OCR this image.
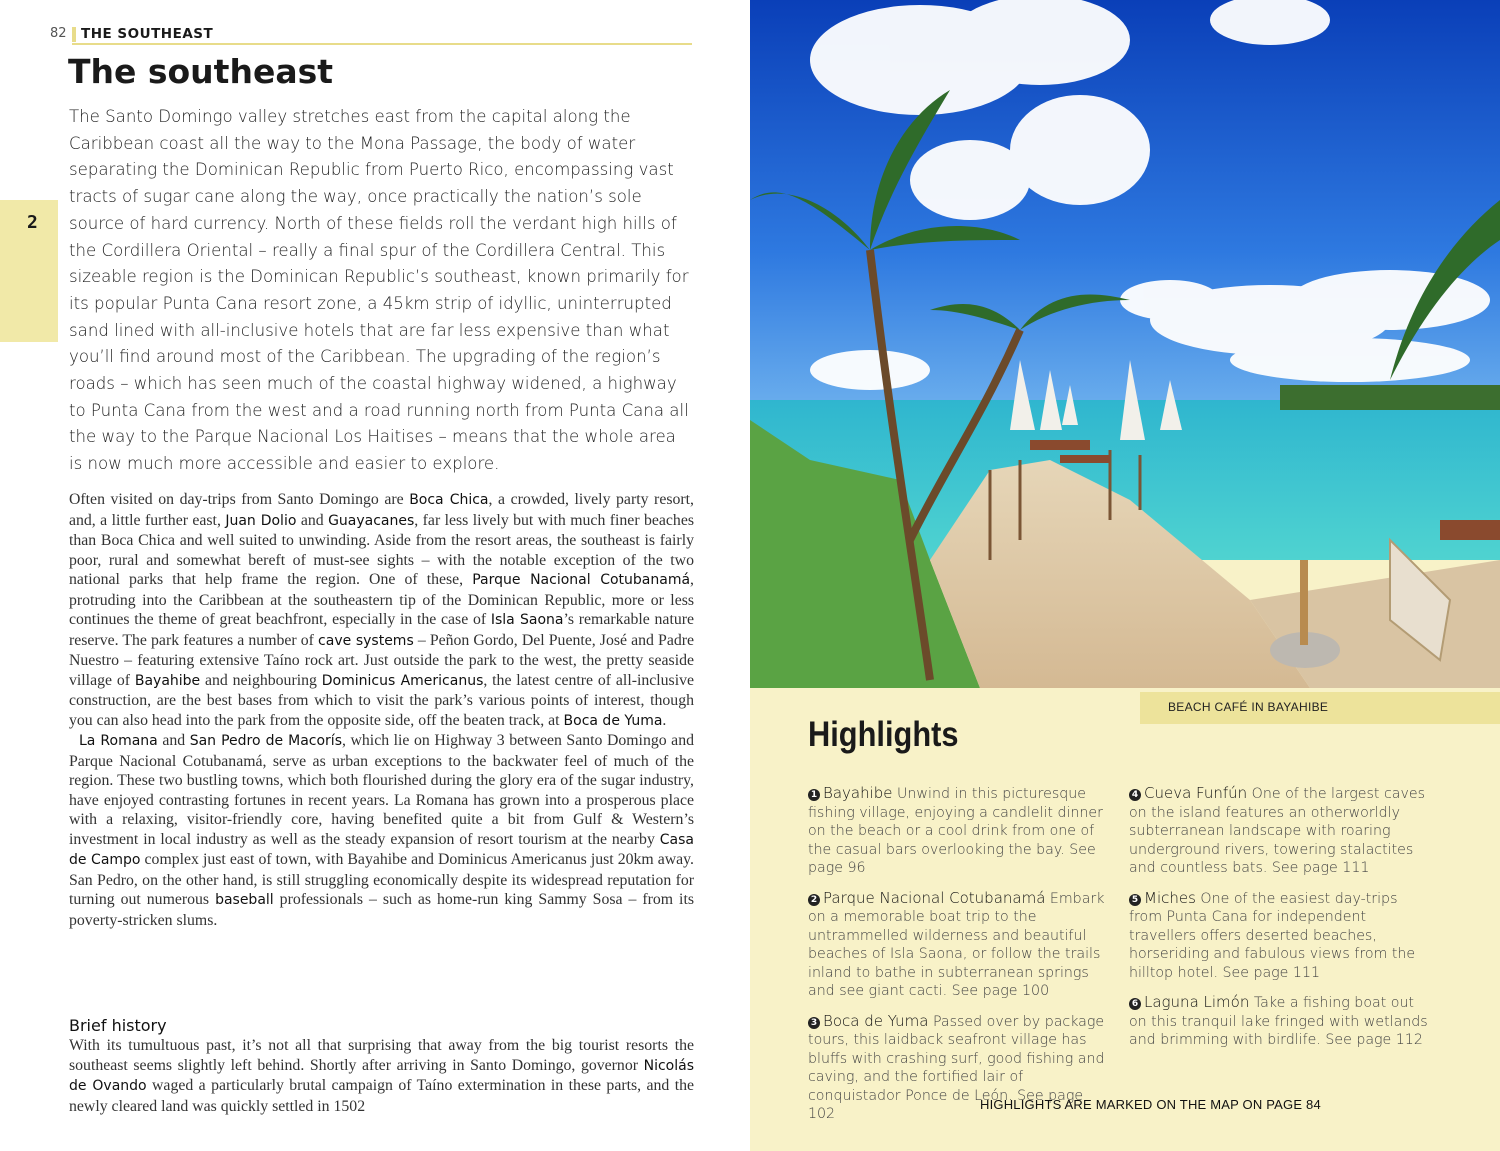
82 THE SOUTHEAST
2
The southeast

The Santo Domingo valley stretches east from the capital along the Caribbean coast all the way to the Mona Passage, the body of water separating the Dominican Republic from Puerto Rico, encompassing vast tracts of sugar cane along the way, once practically the nation’s sole source of hard currency. North of these fields roll the verdant high hills of the Cordillera Oriental – really a final spur of the Cordillera Central. This sizeable region is the Dominican Republic’s southeast, known primarily for its popular Punta Cana resort zone, a 45km strip of idyllic, uninterrupted sand lined with all-inclusive hotels that are far less expensive than what you’ll find around most of the Caribbean. The upgrading of the region’s roads – which has seen much of the coastal highway widened, a highway to Punta Cana from the west and a road running north from Punta Cana all the way to the Parque Nacional Los Haitises – means that the whole area is now much more accessible and easier to explore.

Often visited on day-trips from Santo Domingo are Boca Chica, a crowded, lively party resort, and, a little further east, Juan Dolio and Guayacanes, far less lively but with much finer beaches than Boca Chica and well suited to unwinding. Aside from the resort areas, the southeast is fairly poor, rural and somewhat bereft of must-see sights – with the notable exception of the two national parks that help frame the region. One of these, Parque Nacional Cotubanamá, protruding into the Caribbean at the southeastern tip of the Dominican Republic, more or less continues the theme of great beachfront, especially in the case of Isla Saona’s remarkable nature reserve. The park features a number of cave systems – Peñon Gordo, Del Puente, José and Padre Nuestro – featuring extensive Taíno rock art. Just outside the park to the west, the pretty seaside village of Bayahibe and neighbouring Dominicus Americanus, the latest centre of all-inclusive construction, are the best bases from which to visit the park’s various points of interest, though you can also head into the park from the opposite side, off the beaten track, at Boca de Yuma.

La Romana and San Pedro de Macorís, which lie on Highway 3 between Santo Domingo and Parque Nacional Cotubanamá, serve as urban exceptions to the backwater feel of much of the region. These two bustling towns, which both flourished during the glory era of the sugar industry, have enjoyed contrasting fortunes in recent years. La Romana has grown into a prosperous place with a relaxing, visitor-friendly core, having benefited quite a bit from Gulf & Western’s investment in local industry as well as the steady expansion of resort tourism at the nearby Casa de Campo complex just east of town, with Bayahibe and Dominicus Americanus just 20km away. San Pedro, on the other hand, is still struggling economically despite its widespread reputation for turning out numerous baseball professionals – such as home-run king Sammy Sosa – from its poverty-stricken slums.

Brief history

With its tumultuous past, it’s not all that surprising that away from the big tourist resorts the southeast seems slightly left behind. Shortly after arriving in Santo Domingo, governor Nicolás de Ovando waged a particularly brutal campaign of Taíno extermination in these parts, and the newly cleared land was quickly settled in 1502

BEACH CAFÉ IN BAYAHIBE
Highlights

1 Bayahibe Unwind in this picturesque fishing village, enjoying a candlelit dinner on the beach or a cool drink from one of the casual bars overlooking the bay. See page 96

2 Parque Nacional Cotubanamá Embark on a memorable boat trip to the untrammelled wilderness and beautiful beaches of Isla Saona, or follow the trails inland to bathe in subterranean springs and see giant cacti. See page 100

3 Boca de Yuma Passed over by package tours, this laidback seafront village has bluffs with crashing surf, good fishing and caving, and the fortified lair of conquistador Ponce de León. See page 102

4 Cueva Funfún One of the largest caves on the island features an otherworldly subterranean landscape with roaring underground rivers, towering stalactites and countless bats. See page 111

5 Miches One of the easiest day-trips from Punta Cana for independent travellers offers deserted beaches, horseriding and fabulous views from the hilltop hotel. See page 111

6 Laguna Limón Take a fishing boat out on this tranquil lake fringed with wetlands and brimming with birdlife. See page 112

HIGHLIGHTS ARE MARKED ON THE MAP ON PAGE 84
